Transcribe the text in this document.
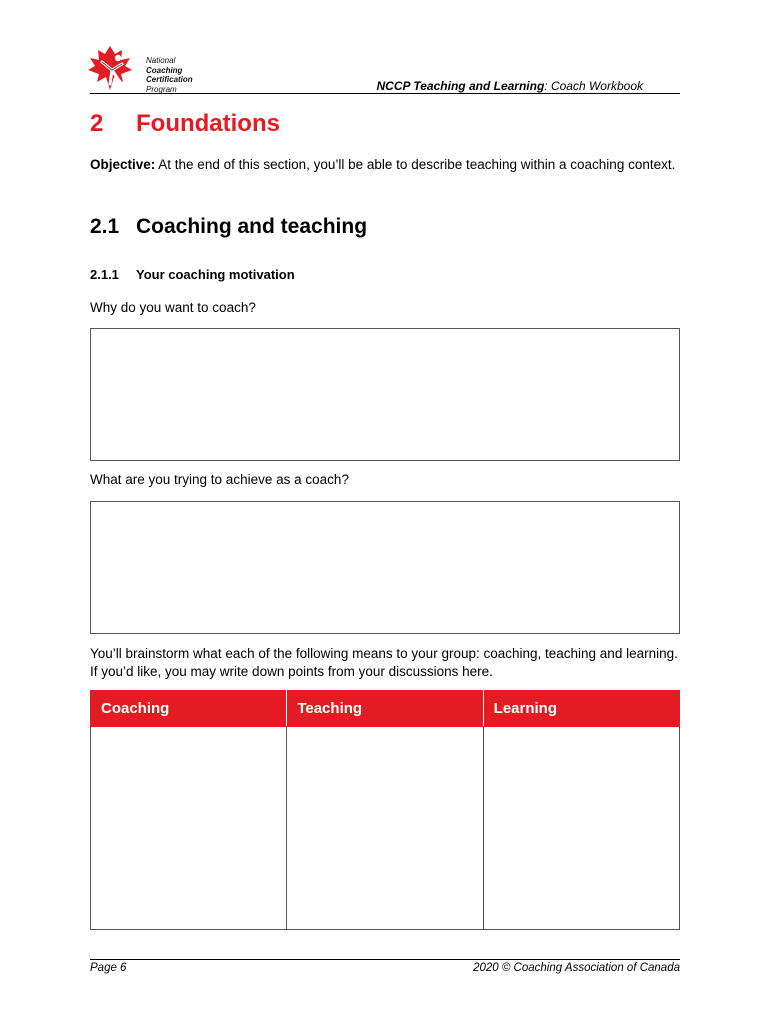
National
Coaching
Certification
Program	NCCP Teaching and Learning: Coach Workbook
2 Foundations
Objective: At the end of this section, you’ll be able to describe teaching within a coaching context.
2.1 Coaching and teaching
2.1.1 Your coaching motivation
Why do you want to coach?
What are you trying to achieve as a coach?
You’ll brainstorm what each of the following means to your group: coaching, teaching and learning. If you’d like, you may write down points from your discussions here.
Coaching	Teaching	Learning

Page 6	2020 © Coaching Association of Canada
